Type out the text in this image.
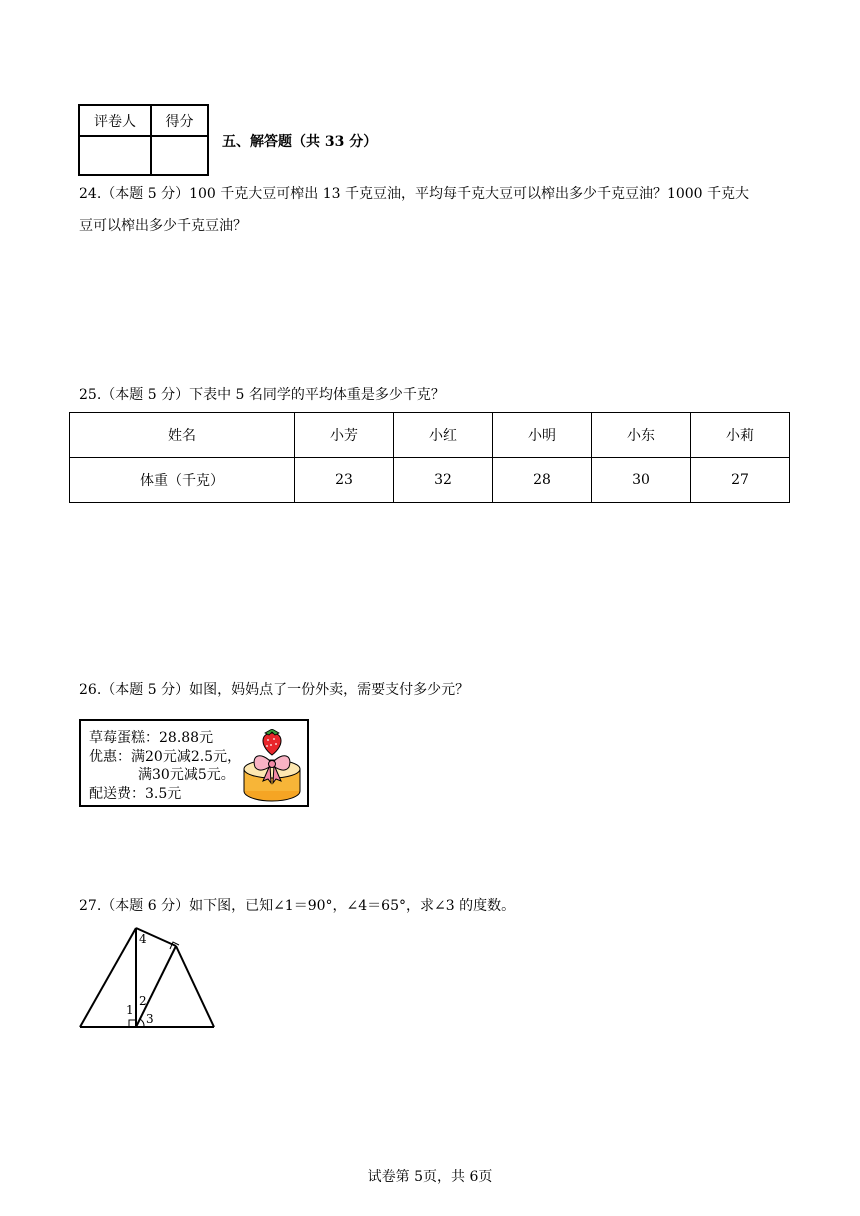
评卷人	得分

五、解答题（共 33 分）
24.（本题 5 分）100 千克大豆可榨出 13 千克豆油，平均每千克大豆可以榨出多少千克豆油？1000 千克大
豆可以榨出多少千克豆油？
25.（本题 5 分）下表中 5 名同学的平均体重是多少千克？
姓名	小芳	小红	小明	小东	小莉
体重（千克）	23	32	28	30	27
26.（本题 5 分）如图，妈妈点了一份外卖，需要支付多少元？
草莓蛋糕：28.88元
优惠：满20元减2.5元，
满30元减5元。
配送费：3.5元
27.（本题 6 分）如下图，已知∠1＝90°，∠4＝65°，求∠3 的度数。
4
2
1
3
试卷第 5页，共 6页
